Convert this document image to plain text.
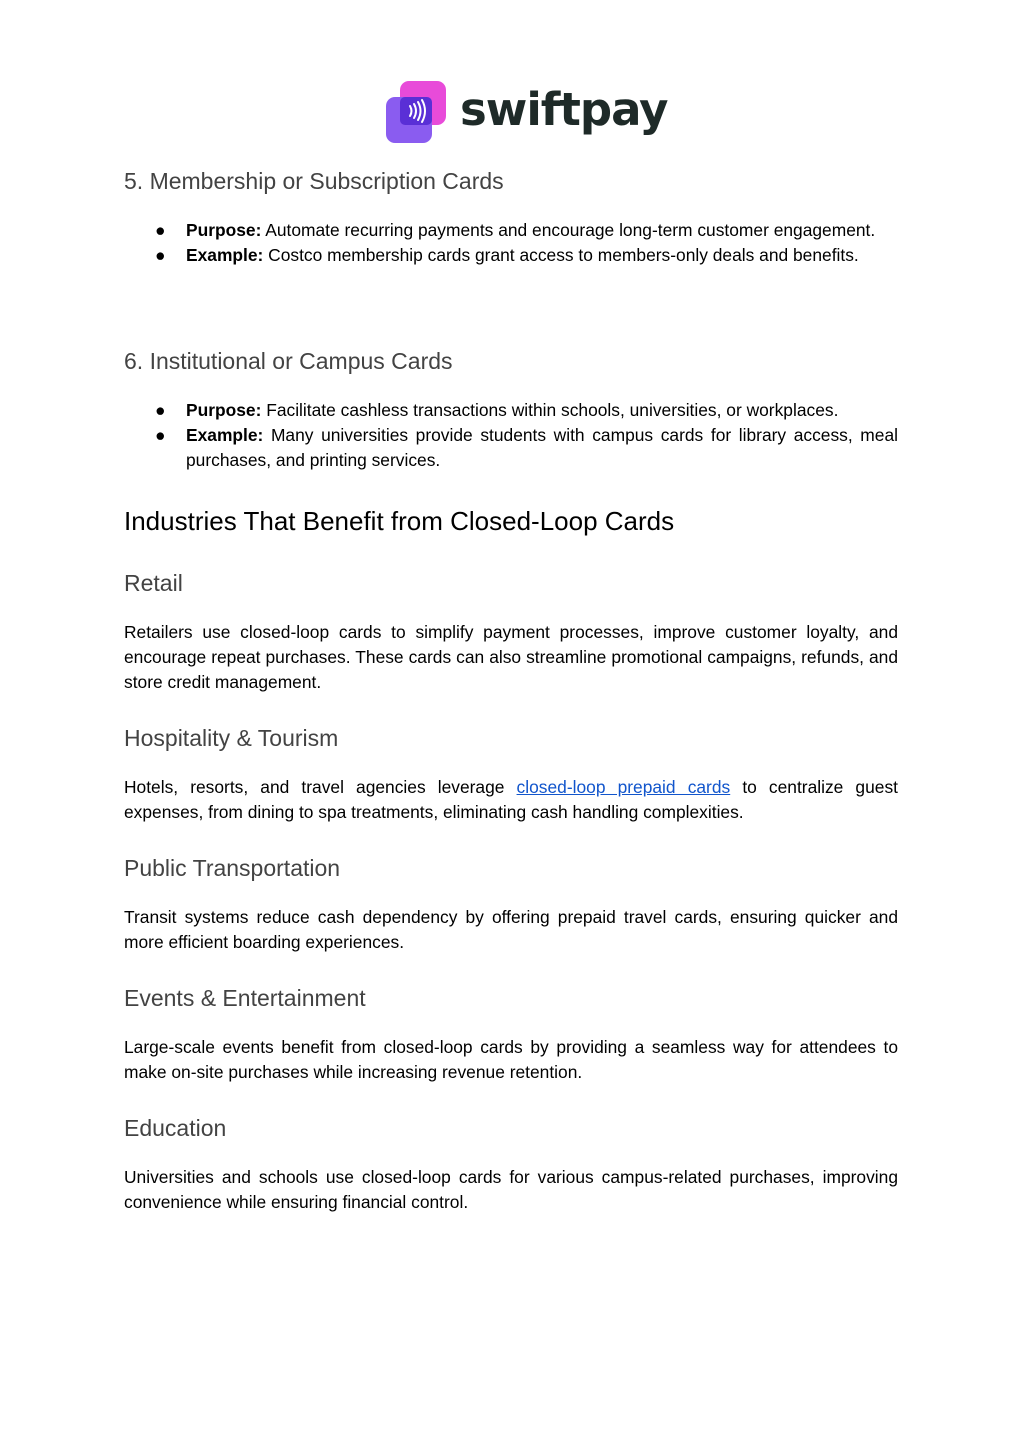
swiftpay
5. Membership or Subscription Cards
● Purpose: Automate recurring payments and encourage long-term customer engagement.
● Example: Costco membership cards grant access to members-only deals and benefits.
6. Institutional or Campus Cards
● Purpose: Facilitate cashless transactions within schools, universities, or workplaces.
● Example: Many universities provide students with campus cards for library access, meal purchases, and printing services.
Industries That Benefit from Closed-Loop Cards
Retail

Retailers use closed-loop cards to simplify payment processes, improve customer loyalty, and encourage repeat purchases. These cards can also streamline promotional campaigns, refunds, and store credit management.

Hospitality & Tourism

Hotels, resorts, and travel agencies leverage closed-loop prepaid cards to centralize guest expenses, from dining to spa treatments, eliminating cash handling complexities.

Public Transportation

Transit systems reduce cash dependency by offering prepaid travel cards, ensuring quicker and more efficient boarding experiences.

Events & Entertainment

Large-scale events benefit from closed-loop cards by providing a seamless way for attendees to make on-site purchases while increasing revenue retention.

Education

Universities and schools use closed-loop cards for various campus-related purchases, improving convenience while ensuring financial control.
